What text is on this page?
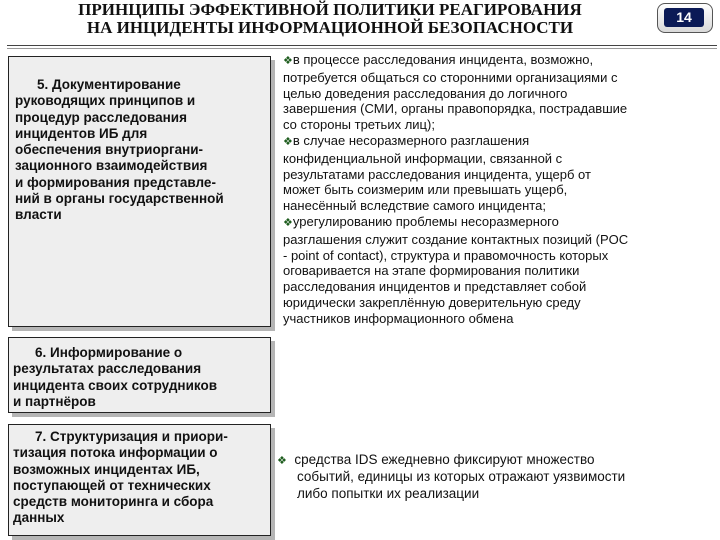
ПРИНЦИПЫ ЭФФЕКТИВНОЙ ПОЛИТИКИ РЕАГИРОВАНИЯ
НА ИНЦИДЕНТЫ ИНФОРМАЦИОННОЙ БЕЗОПАСНОСТИ
14
5. Документирование
руководящих принципов и
процедур расследования
инцидентов ИБ для
обеспечения внутриоргани-
зационного взаимодействия
и формирования представле-
ний в органы государственной
власти
6. Информирование о
результатах расследования
инцидента своих сотрудников
и партнёров
7. Структуризация и приори-
тизация потока информации о
возможных инцидентах ИБ,
поступающей от технических
средств мониторинга и сбора
данных
❖в процессе расследования инцидента, возможно,
потребуется общаться со сторонними организациями с
целью доведения расследования до логичного
завершения (СМИ, органы правопорядка, пострадавшие
со стороны третьих лиц);
❖в случае несоразмерного разглашения
конфиденциальной информации, связанной с
результатами расследования инцидента, ущерб от
может быть соизмерим или превышать ущерб,
нанесённый вследствие самого инцидента;
❖урегулированию проблемы несоразмерного
разглашения служит создание контактных позиций (POC
- point of contact), структура и правомочность которых
оговаривается на этапе формирования политики
расследования инцидентов и представляет собой
юридически закреплённую доверительную среду
участников информационного обмена
❖ средства IDS ежедневно фиксируют множество
событий, единицы из которых отражают уязвимости
либо попытки их реализации
